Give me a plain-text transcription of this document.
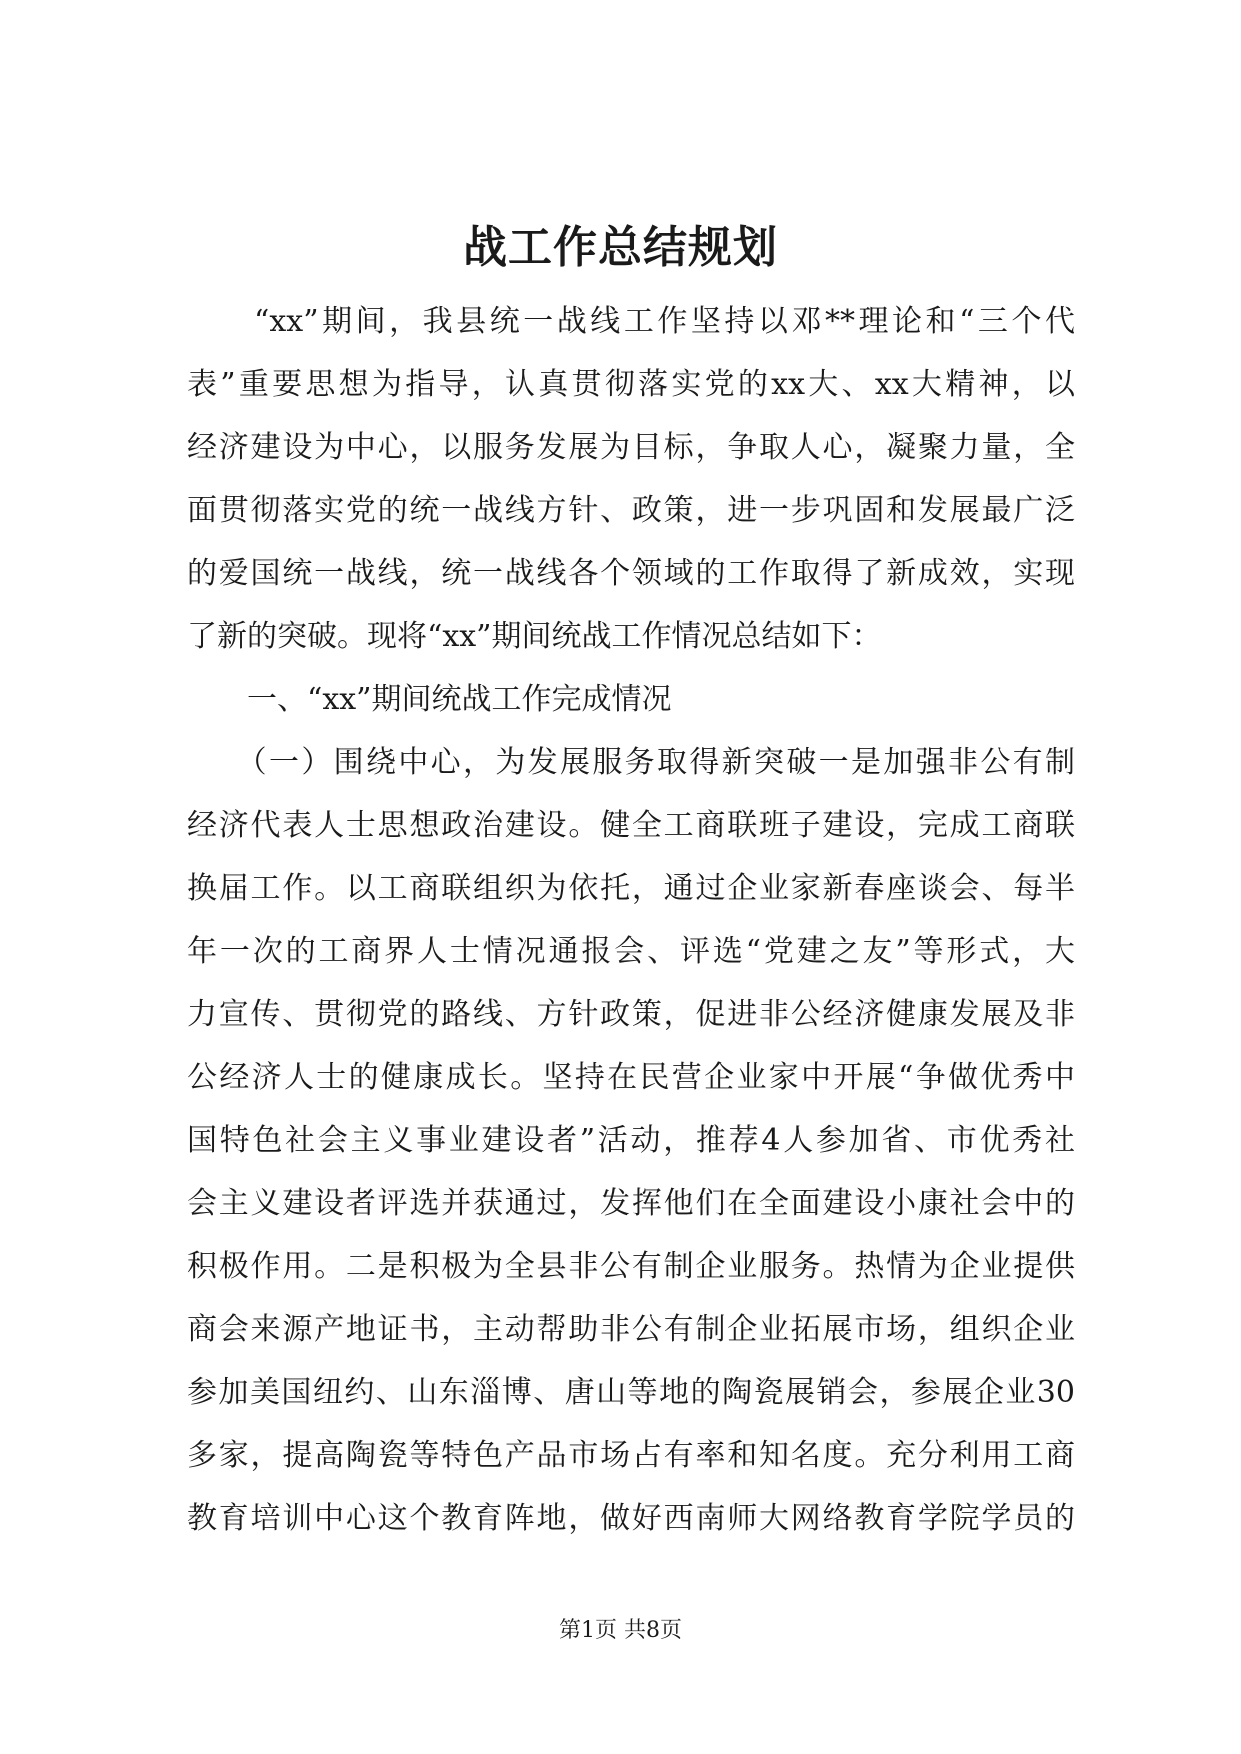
战工作总结规划
　　“xx”期间，我县统一战线工作坚持以邓**理论和“三个代
表”重要思想为指导，认真贯彻落实党的xx大、xx大精神，以
经济建设为中心，以服务发展为目标，争取人心，凝聚力量，全
面贯彻落实党的统一战线方针、政策，进一步巩固和发展最广泛
的爱国统一战线，统一战线各个领域的工作取得了新成效，实现
了新的突破。现将“xx”期间统战工作情况总结如下：
　　一、“xx”期间统战工作完成情况
　　（一）围绕中心，为发展服务取得新突破一是加强非公有制
经济代表人士思想政治建设。健全工商联班子建设，完成工商联
换届工作。以工商联组织为依托，通过企业家新春座谈会、每半
年一次的工商界人士情况通报会、评选“党建之友”等形式，大
力宣传、贯彻党的路线、方针政策，促进非公经济健康发展及非
公经济人士的健康成长。坚持在民营企业家中开展“争做优秀中
国特色社会主义事业建设者”活动，推荐4人参加省、市优秀社
会主义建设者评选并获通过，发挥他们在全面建设小康社会中的
积极作用。二是积极为全县非公有制企业服务。热情为企业提供
商会来源产地证书，主动帮助非公有制企业拓展市场，组织企业
参加美国纽约、山东淄博、唐山等地的陶瓷展销会，参展企业30
多家，提高陶瓷等特色产品市场占有率和知名度。充分利用工商
教育培训中心这个教育阵地，做好西南师大网络教育学院学员的
第1页 共8页
